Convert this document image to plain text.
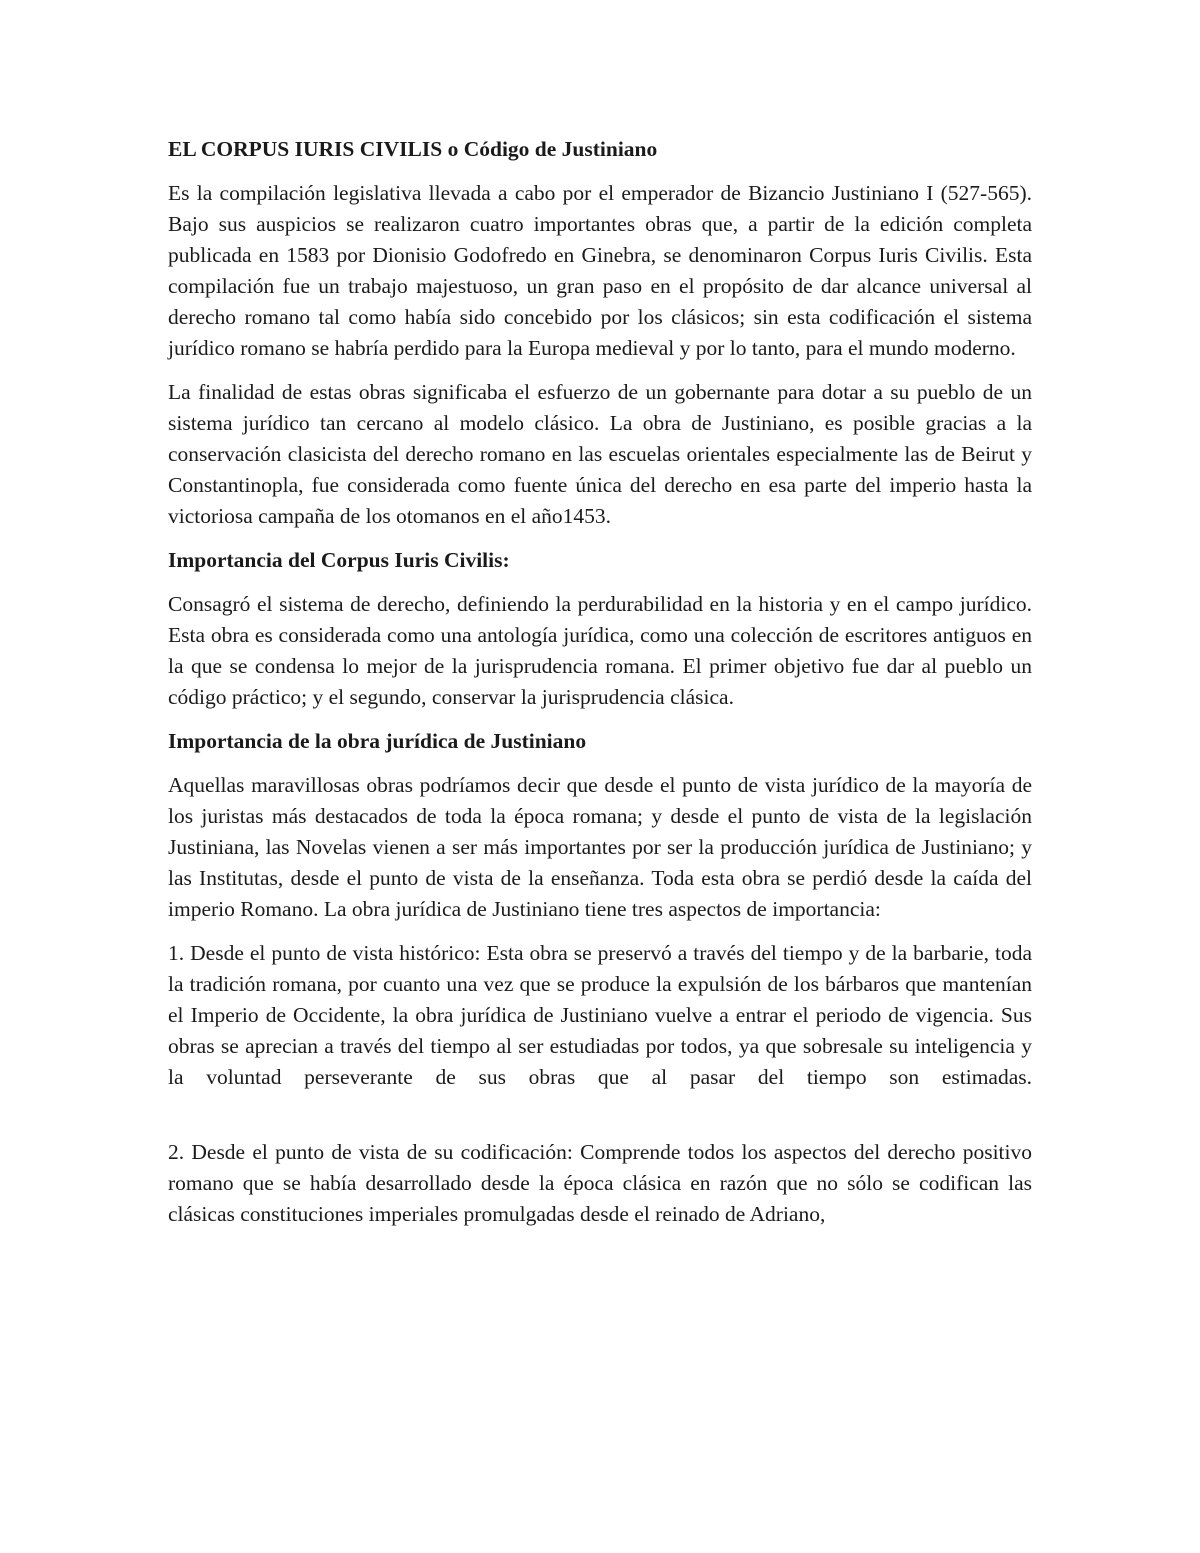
EL CORPUS IURIS CIVILIS o Código de Justiniano

Es la compilación legislativa llevada a cabo por el emperador de Bizancio Justiniano I (527-565). Bajo sus auspicios se realizaron cuatro importantes obras que, a partir de la edición completa publicada en 1583 por Dionisio Godofredo en Ginebra, se denominaron Corpus Iuris Civilis. Esta compilación fue un trabajo majestuoso, un gran paso en el propósito de dar alcance universal al derecho romano tal como había sido concebido por los clásicos; sin esta codificación el sistema jurídico romano se habría perdido para la Europa medieval y por lo tanto, para el mundo moderno.

La finalidad de estas obras significaba el esfuerzo de un gobernante para dotar a su pueblo de un sistema jurídico tan cercano al modelo clásico. La obra de Justiniano, es posible gracias a la conservación clasicista del derecho romano en las escuelas orientales especialmente las de Beirut y Constantinopla, fue considerada como fuente única del derecho en esa parte del imperio hasta la victoriosa campaña de los otomanos en el año1453.

Importancia del Corpus Iuris Civilis:

Consagró el sistema de derecho, definiendo la perdurabilidad en la historia y en el campo jurídico. Esta obra es considerada como una antología jurídica, como una colección de escritores antiguos en la que se condensa lo mejor de la jurisprudencia romana. El primer objetivo fue dar al pueblo un código práctico; y el segundo, conservar la jurisprudencia clásica.

Importancia de la obra jurídica de Justiniano

Aquellas maravillosas obras podríamos decir que desde el punto de vista jurídico de la mayoría de los juristas más destacados de toda la época romana; y desde el punto de vista de la legislación Justiniana, las Novelas vienen a ser más importantes por ser la producción jurídica de Justiniano; y las Institutas, desde el punto de vista de la enseñanza. Toda esta obra se perdió desde la caída del imperio Romano. La obra jurídica de Justiniano tiene tres aspectos de importancia:

1. Desde el punto de vista histórico: Esta obra se preservó a través del tiempo y de la barbarie, toda la tradición romana, por cuanto una vez que se produce la expulsión de los bárbaros que mantenían el Imperio de Occidente, la obra jurídica de Justiniano vuelve a entrar el periodo de vigencia. Sus obras se aprecian a través del tiempo al ser estudiadas por todos, ya que sobresale su inteligencia y la voluntad perseverante de sus obras que al pasar del tiempo son estimadas.

2. Desde el punto de vista de su codificación: Comprende todos los aspectos del derecho positivo romano que se había desarrollado desde la época clásica en razón que no sólo se codifican las clásicas constituciones imperiales promulgadas desde el reinado de Adriano,
